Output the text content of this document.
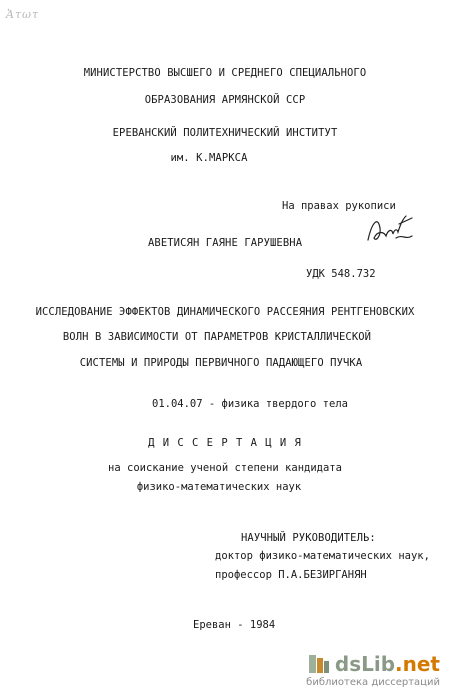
Ἁτωτ
МИНИСТЕРСТВО ВЫСШЕГО И СРЕДНЕГО СПЕЦИАЛЬНОГО
ОБРАЗОВАНИЯ АРМЯНСКОЙ ССР
ЕРЕВАНСКИЙ ПОЛИТЕХНИЧЕСКИЙ ИНСТИТУТ
им. К.МАРКСА
На правах рукописи
АВЕТИСЯН ГАЯНЕ ГАРУШЕВНА
УДК 548.732
ИССЛЕДОВАНИЕ ЭФФЕКТОВ ДИНАМИЧЕСКОГО РАССЕЯНИЯ РЕНТГЕНОВСКИХ
ВОЛН В ЗАВИСИМОСТИ ОТ ПАРАМЕТРОВ КРИСТАЛЛИЧЕСКОЙ
СИСТЕМЫ И ПРИРОДЫ ПЕРВИЧНОГО ПАДАЮЩЕГО ПУЧКА
01.04.07 - физика твердого тела
Д И С С Е Р Т А Ц И Я
на соискание ученой степени кандидата
физико-математических наук
НАУЧНЫЙ РУКОВОДИТЕЛЬ:
доктор физико-математических наук,
профессор П.А.БЕЗИРГАНЯН
Ереван - 1984
dsLib.net
библиотека диссертаций
